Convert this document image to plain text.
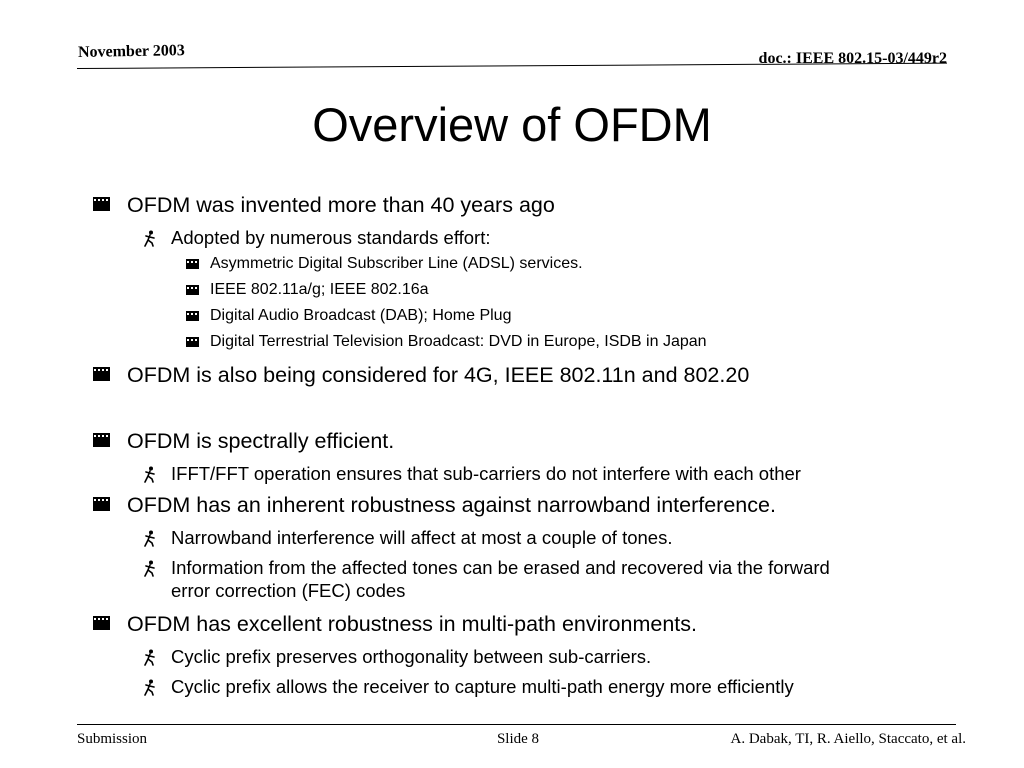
November 2003	doc.: IEEE 802.15-03/449r2
Overview of OFDM
OFDM was invented more than 40 years ago
Adopted by numerous standards effort:
Asymmetric Digital Subscriber Line (ADSL) services.
IEEE 802.11a/g; IEEE 802.16a
Digital Audio Broadcast (DAB); Home Plug
Digital Terrestrial Television Broadcast: DVD in Europe, ISDB in Japan
OFDM is also being considered for 4G, IEEE 802.11n and 802.20
OFDM is spectrally efficient.
IFFT/FFT operation ensures that sub-carriers do not interfere with each other
OFDM has an inherent robustness against narrowband interference.
Narrowband interference will affect at most a couple of tones.
Information from the affected tones can be erased and recovered via the forward
error correction (FEC) codes
OFDM has excellent robustness in multi-path environments.
Cyclic prefix preserves orthogonality between sub-carriers.
Cyclic prefix allows the receiver to capture multi-path energy more efficiently
Submission	Slide 8	A. Dabak, TI, R. Aiello, Staccato, et al.
